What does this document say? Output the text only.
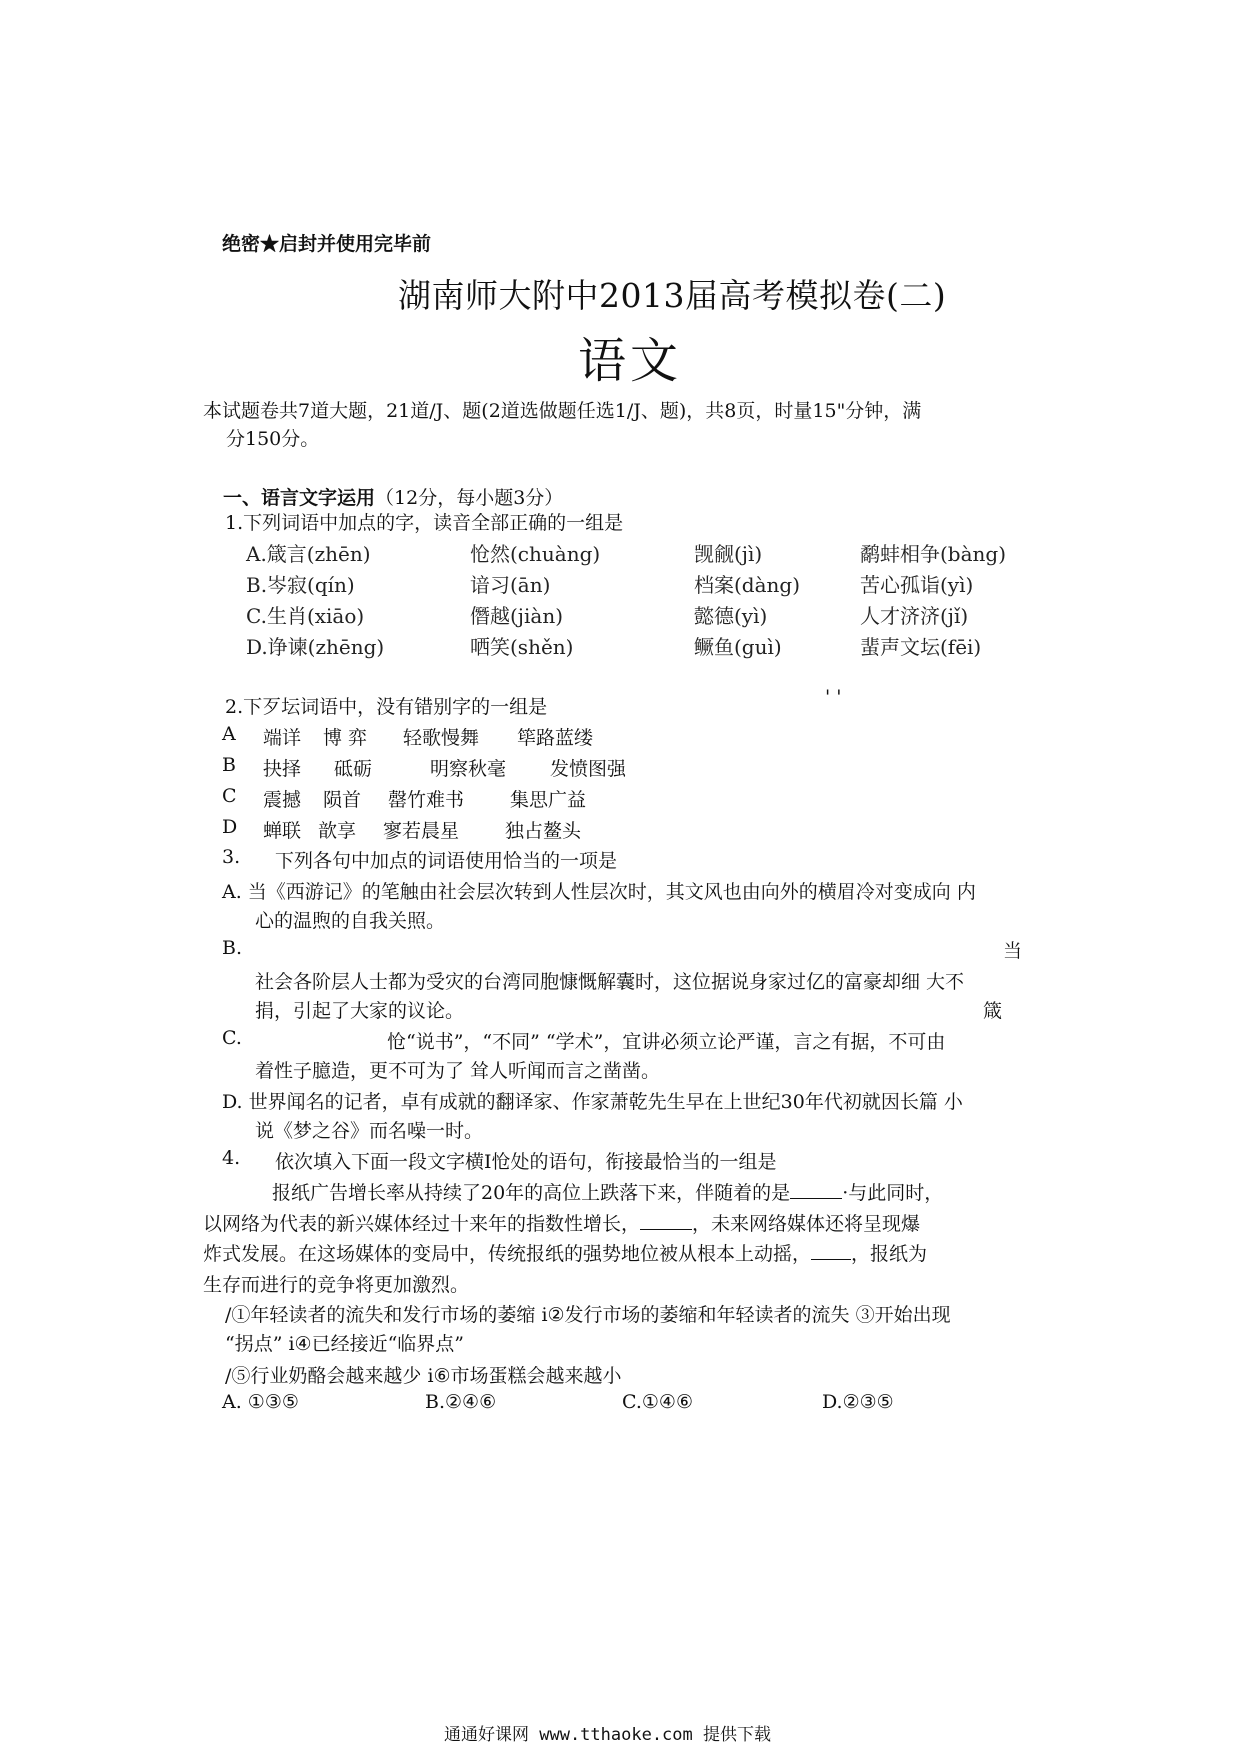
绝密★启封并使用完毕前
湖南师大附中2013届高考模拟卷(二)
语文
本试题卷共7道大题，21道/J、题(2道选做题任选1/J、题)，共8页，时量15"分钟，满
分150分。
一、语言文字运用（12分，每小题3分）
1.下列词语中加点的字，读音全部正确的一组是
A.箴言(zhēn)	怆然(chuàng)	觊觎(jì)	鹬蚌相争(bàng)
B.岑寂(qín)	谙习(ān)	档案(dàng)	苦心孤诣(yì)
C.生肖(xiāo)	僭越(jiàn)	懿德(yì)	人才济济(jǐ)
D.诤谏(zhēng)	哂笑(shěn)	鳜鱼(guì)	蜚声文坛(fēi)
2.下歹坛词语中，没有错别字的一组是	' '
A 端详 博 弈 轻歌慢舞 筚路蓝缕
B 抉择 砥砺	明察秋毫 发愤图强
C 震撼 陨首 罄竹难书 集思广益
D 蝉联 歆享 寥若晨星 独占鳌头
3. 下列各句中加点的词语使用恰当的一项是
A. 当《西游记》的笔触由社会层次转到人性层次时，其文风也由向外的横眉冷对变成向 内
心的温煦的自我关照。
B.	当
社会各阶层人士都为受灾的台湾同胞慷慨解囊时，这位据说身家过亿的富豪却细 大不
捐，引起了大家的议论。	箴
C.	怆“说书”，“不同” “学术”，宜讲必须立论严谨，言之有据，不可由
着性子臆造，更不可为了 耸人听闻而言之凿凿。
D. 世界闻名的记者，卓有成就的翻译家、作家萧乾先生早在上世纪30年代初就因长篇 小
说《梦之谷》而名噪一时。
4. 依次填入下面一段文字横I怆处的语句，衔接最恰当的一组是
报纸广告增长率从持续了20年的高位上跌落下来，伴随着的是	·与此同时，
以网络为代表的新兴媒体经过十来年的指数性增长，	，未来网络媒体还将呈现爆
炸式发展。在这场媒体的变局中，传统报纸的强势地位被从根本上动摇， ，报纸为
生存而进行的竞争将更加激烈。
/①年轻读者的流失和发行市场的萎缩 i②发行市场的萎缩和年轻读者的流失 ③开始出现
“拐点” i④已经接近“临界点”
/⑤行业奶酪会越来越少 i⑥市场蛋糕会越来越小
A. ①③⑤	B.②④⑥	C.①④⑥	D.②③⑤
通通好课网 www.tthaoke.com 提供下载
